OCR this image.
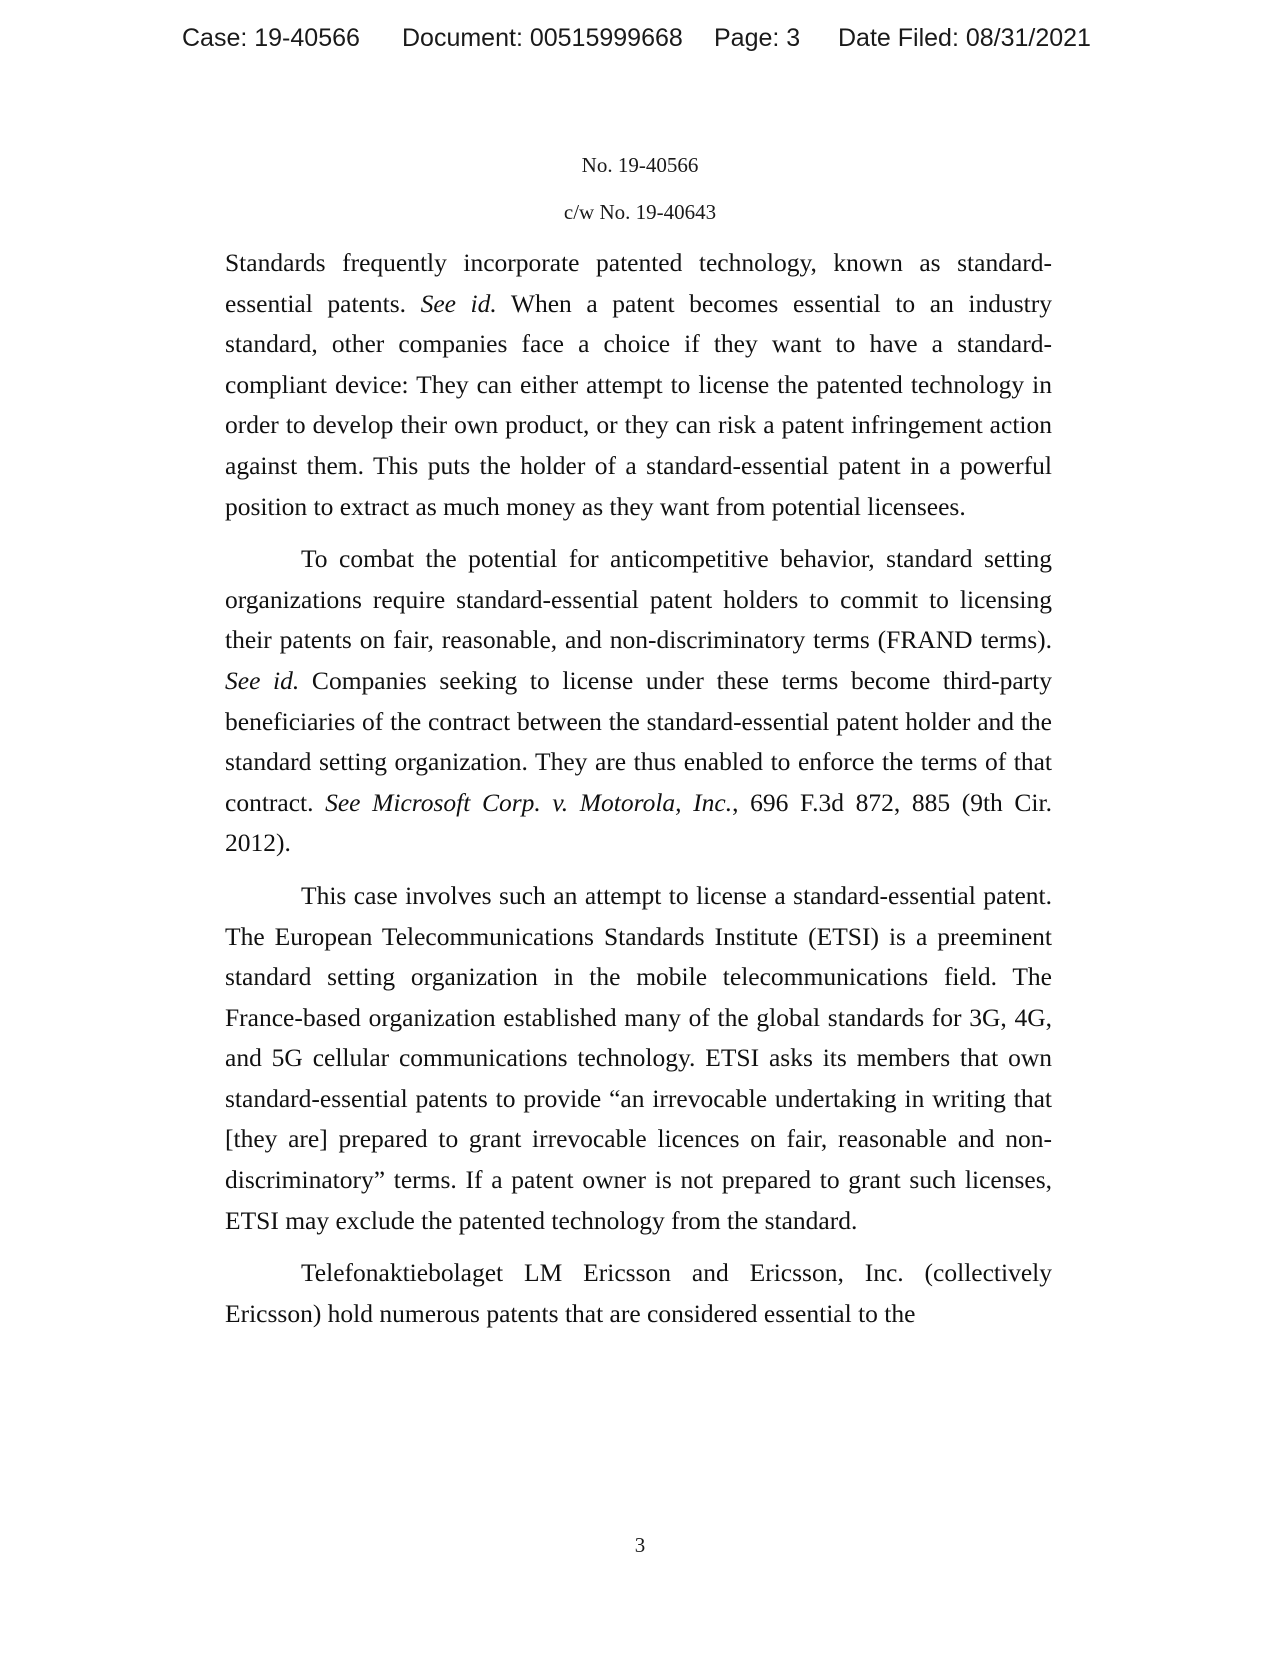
Case: 19-40566 Document: 00515999668 Page: 3 Date Filed: 08/31/2021
No. 19-40566
c/w No. 19-40643

Standards frequently incorporate patented technology, known as standard-essential patents. See id. When a patent becomes essential to an industry standard, other companies face a choice if they want to have a standard-compliant device: They can either attempt to license the patented technology in order to develop their own product, or they can risk a patent infringement action against them. This puts the holder of a standard-essential patent in a powerful position to extract as much money as they want from potential licensees.

To combat the potential for anticompetitive behavior, standard setting organizations require standard-essential patent holders to commit to licensing their patents on fair, reasonable, and non-discriminatory terms (FRAND terms). See id. Companies seeking to license under these terms become third-party beneficiaries of the contract between the standard-essential patent holder and the standard setting organization. They are thus enabled to enforce the terms of that contract. See Microsoft Corp. v. Motorola, Inc., 696 F.3d 872, 885 (9th Cir. 2012).

This case involves such an attempt to license a standard-essential patent. The European Telecommunications Standards Institute (ETSI) is a preeminent standard setting organization in the mobile telecommunications field. The France-based organization established many of the global standards for 3G, 4G, and 5G cellular communications technology. ETSI asks its members that own standard-essential patents to provide “an irrevocable undertaking in writing that [they are] prepared to grant irrevocable licences on fair, reasonable and non-discriminatory” terms. If a patent owner is not prepared to grant such licenses, ETSI may exclude the patented technology from the standard.

Telefonaktiebolaget LM Ericsson and Ericsson, Inc. (collectively Ericsson) hold numerous patents that are considered essential to the

3
